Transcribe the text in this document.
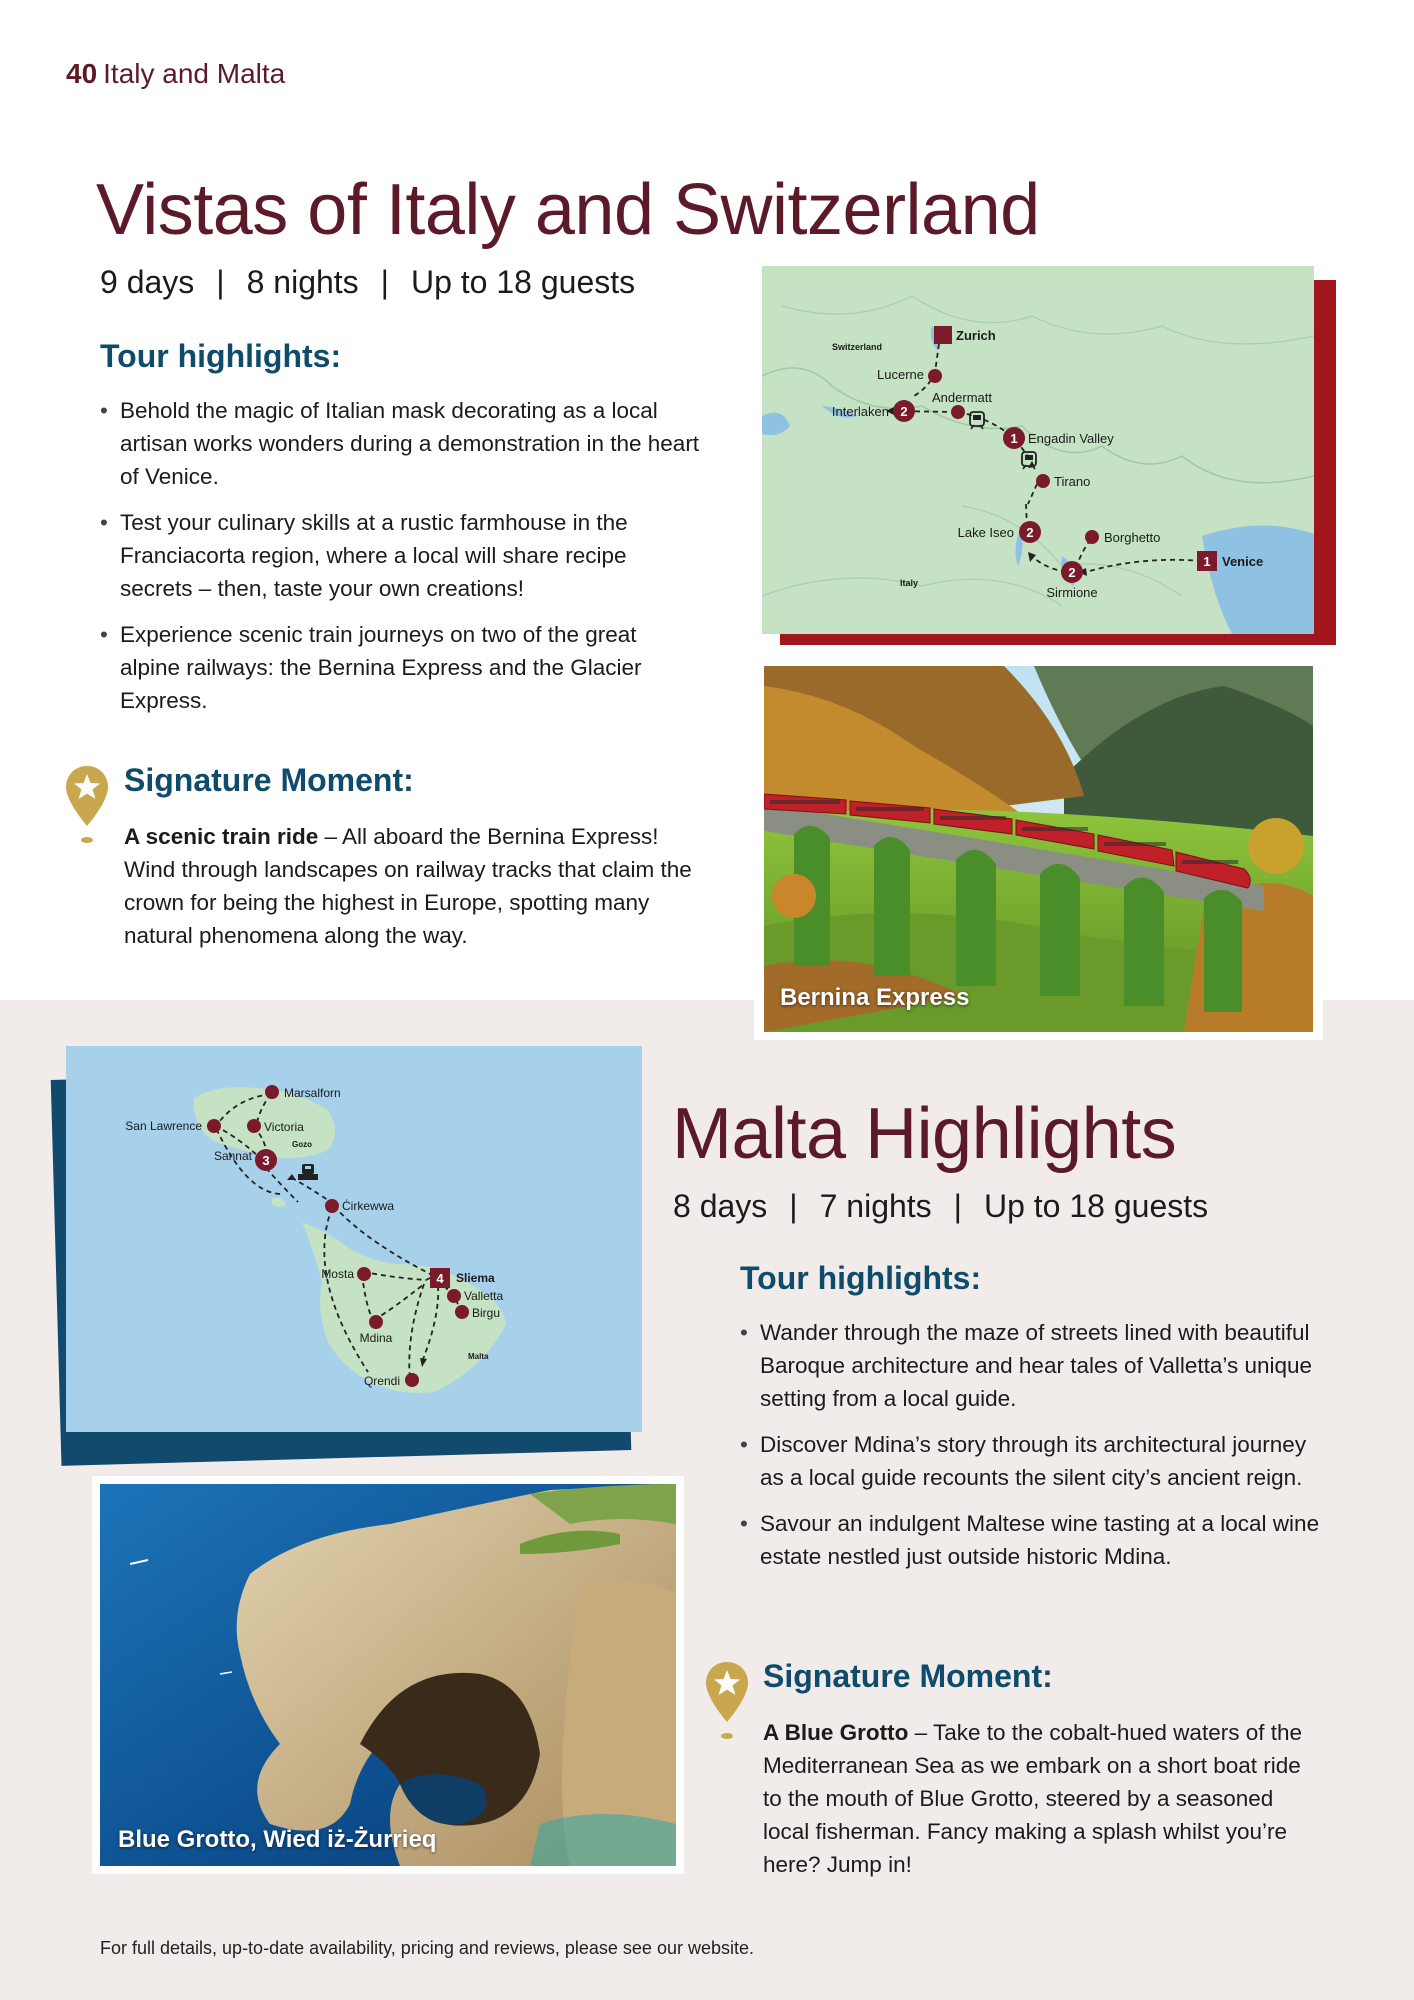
40 Italy and Malta
Vistas of Italy and Switzerland
9 days | 8 nights | Up to 18 guests
Tour highlights:
• Behold the magic of Italian mask decorating as a local artisan works wonders during a demonstration in the heart of Venice.
• Test your culinary skills at a rustic farmhouse in the Franciacorta region, where a local will share recipe secrets – then, taste your own creations!
• Experience scenic train journeys on two of the great alpine railways: the Bernina Express and the Glacier Express.
Signature Moment:
A scenic train ride – All aboard the Bernina Express! Wind through landscapes on railway tracks that claim the crown for being the highest in Europe, spotting many natural phenomena along the way.
2
1
2
2
1
Switzerland
Italy
Zurich
Lucerne
Andermatt
Interlaken
Engadin Valley
Tirano
Lake Iseo	Borghetto
Venice
Sirmione
Bernina Express
3
4
Marsalforn
San Lawrence	Victoria
Sannat
Gozo
Ċirkewwa
Mosta	Sliema
Valletta
Birgu
Mdina
Qrendi
Malta
Malta Highlights
8 days | 7 nights | Up to 18 guests
Tour highlights:
• Wander through the maze of streets lined with beautiful Baroque architecture and hear tales of Valletta’s unique setting from a local guide.
• Discover Mdina’s story through its architectural journey as a local guide recounts the silent city’s ancient reign.
• Savour an indulgent Maltese wine tasting at a local wine estate nestled just outside historic Mdina.
Signature Moment:
A Blue Grotto – Take to the cobalt-hued waters of the Mediterranean Sea as we embark on a short boat ride to the mouth of Blue Grotto, steered by a seasoned local fisherman. Fancy making a splash whilst you’re here? Jump in!
Blue Grotto, Wied iż-Żurrieq
For full details, up-to-date availability, pricing and reviews, please see our website.
